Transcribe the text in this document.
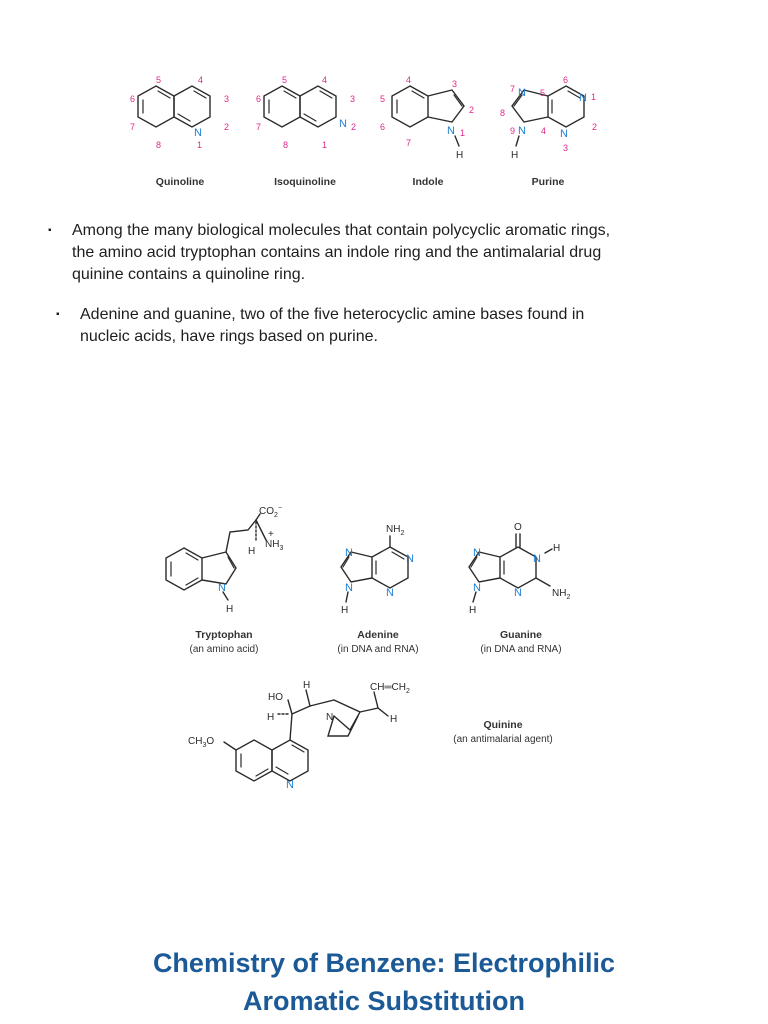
N
5	4
6	3
7	2
8	1
Quinoline
N
5	4
6	3
7	2
8	1
Isoquinoline
N
H
4	3
5
2
6
7
1
Indole
N	N
N	N
H
7
6
5	1
8
2
9	4
3
Purine
▪	Among the many biological molecules that contain polycyclic aromatic rings,
the amino acid tryptophan contains an indole ring and the antimalarial drug
quinine contains a quinoline ring.
▪	Adenine and guanine, two of the five heterocyclic amine bases found in
nucleic acids, have rings based on purine.
$CO_2^-$
+
$NH_3$
H
N
H
Tryptophan
(an amino acid)
$NH_2$
N	N
N	N
H
Adenine
(in DNA and RNA)
O
H
N	N
N	N	$NH_2$
H
Guanine
(in DNA and RNA)
HO
H
H
H
$CH═CH_2$
$CH_3O$
N
N
Quinine
(an antimalarial agent)
Chemistry of Benzene: Electrophilic
Aromatic Substitution
